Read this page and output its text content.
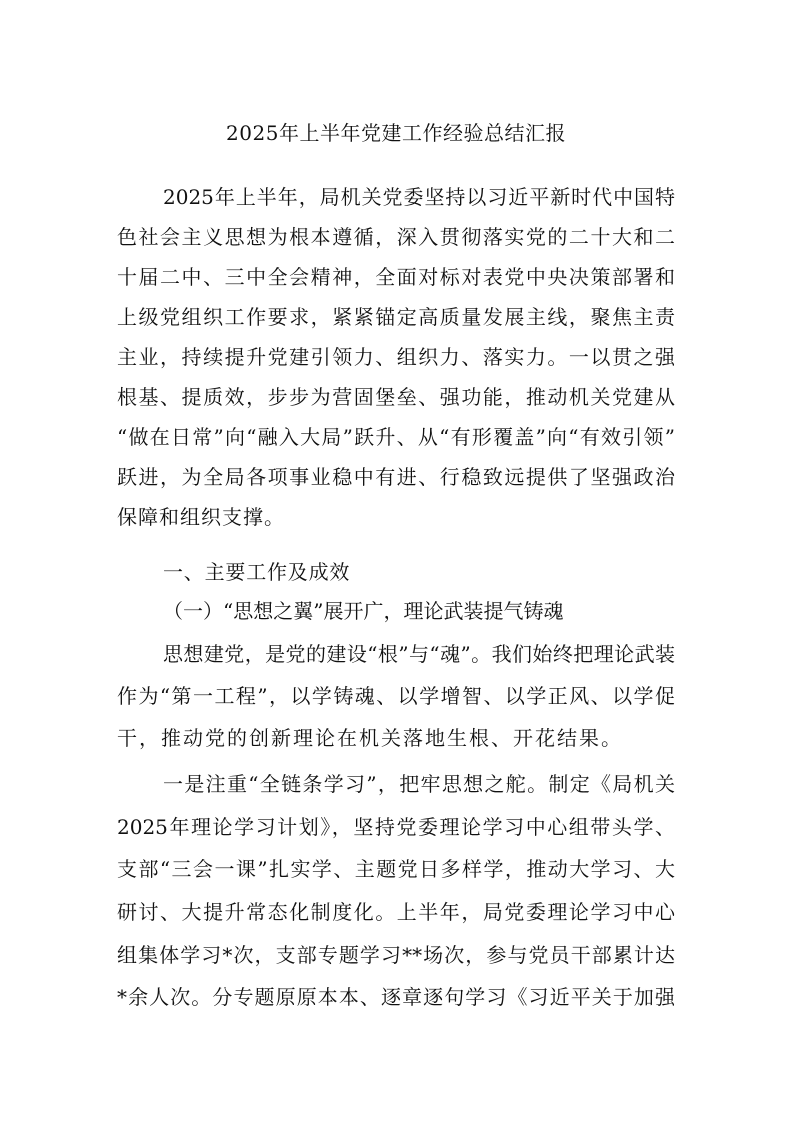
2025年上半年党建工作经验总结汇报
2025年上半年，局机关党委坚持以习近平新时代中国特
色社会主义思想为根本遵循，深入贯彻落实党的二十大和二
十届二中、三中全会精神，全面对标对表党中央决策部署和
上级党组织工作要求，紧紧锚定高质量发展主线，聚焦主责
主业，持续提升党建引领力、组织力、落实力。一以贯之强
根基、提质效，步步为营固堡垒、强功能，推动机关党建从
“做在日常”向“融入大局”跃升、从“有形覆盖”向“有效引领”
跃进，为全局各项事业稳中有进、行稳致远提供了坚强政治
保障和组织支撑。
一、主要工作及成效
（一）“思想之翼”展开广，理论武装提气铸魂
思想建党，是党的建设“根”与“魂”。我们始终把理论武装
作为“第一工程”，以学铸魂、以学增智、以学正风、以学促
干，推动党的创新理论在机关落地生根、开花结果。
一是注重“全链条学习”，把牢思想之舵。制定《局机关
2025年理论学习计划》，坚持党委理论学习中心组带头学、
支部“三会一课”扎实学、主题党日多样学，推动大学习、大
研讨、大提升常态化制度化。上半年，局党委理论学习中心
组集体学习*次，支部专题学习**场次，参与党员干部累计达
*余人次。分专题原原本本、逐章逐句学习《习近平关于加强
